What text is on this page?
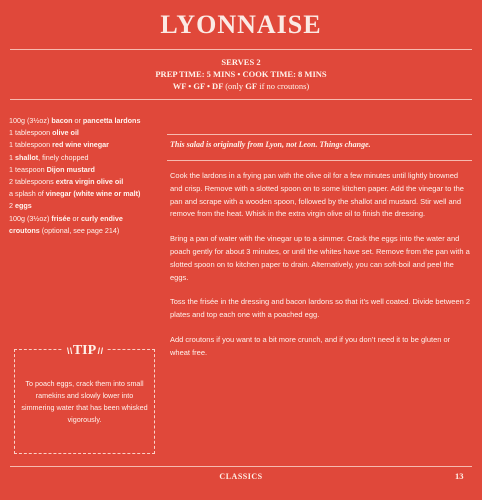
LYONNAISE
SERVES 2
PREP TIME: 5 MINS • COOK TIME: 8 MINS
WF • GF • DF (only GF if no croutons)
100g (3½oz) bacon or pancetta lardons
1 tablespoon olive oil
1 tablespoon red wine vinegar
1 shallot, finely chopped
1 teaspoon Dijon mustard
2 tablespoons extra virgin olive oil
a splash of vinegar (white wine or malt)
2 eggs
100g (3½oz) frisée or curly endive
croutons (optional, see page 214)
This salad is originally from Lyon, not Leon. Things change.

Cook the lardons in a frying pan with the olive oil for a few minutes until lightly browned and crisp. Remove with a slotted spoon on to some kitchen paper. Add the vinegar to the pan and scrape with a wooden spoon, followed by the shallot and mustard. Stir well and remove from the heat. Whisk in the extra virgin olive oil to finish the dressing.

Bring a pan of water with the vinegar up to a simmer. Crack the eggs into the water and poach gently for about 3 minutes, or until the whites have set. Remove from the pan with a slotted spoon on to kitchen paper to drain. Alternatively, you can soft-boil and peel the eggs.

Toss the frisée in the dressing and bacon lardons so that it’s well coated. Divide between 2 plates and top each one with a poached egg.

Add croutons if you want to a bit more crunch, and if you don’t need it to be gluten or wheat free.

\ \ TIP / /
To poach eggs, crack them into small ramekins and slowly lower into simmering water that has been whisked vigorously.
CLASSICS	13
